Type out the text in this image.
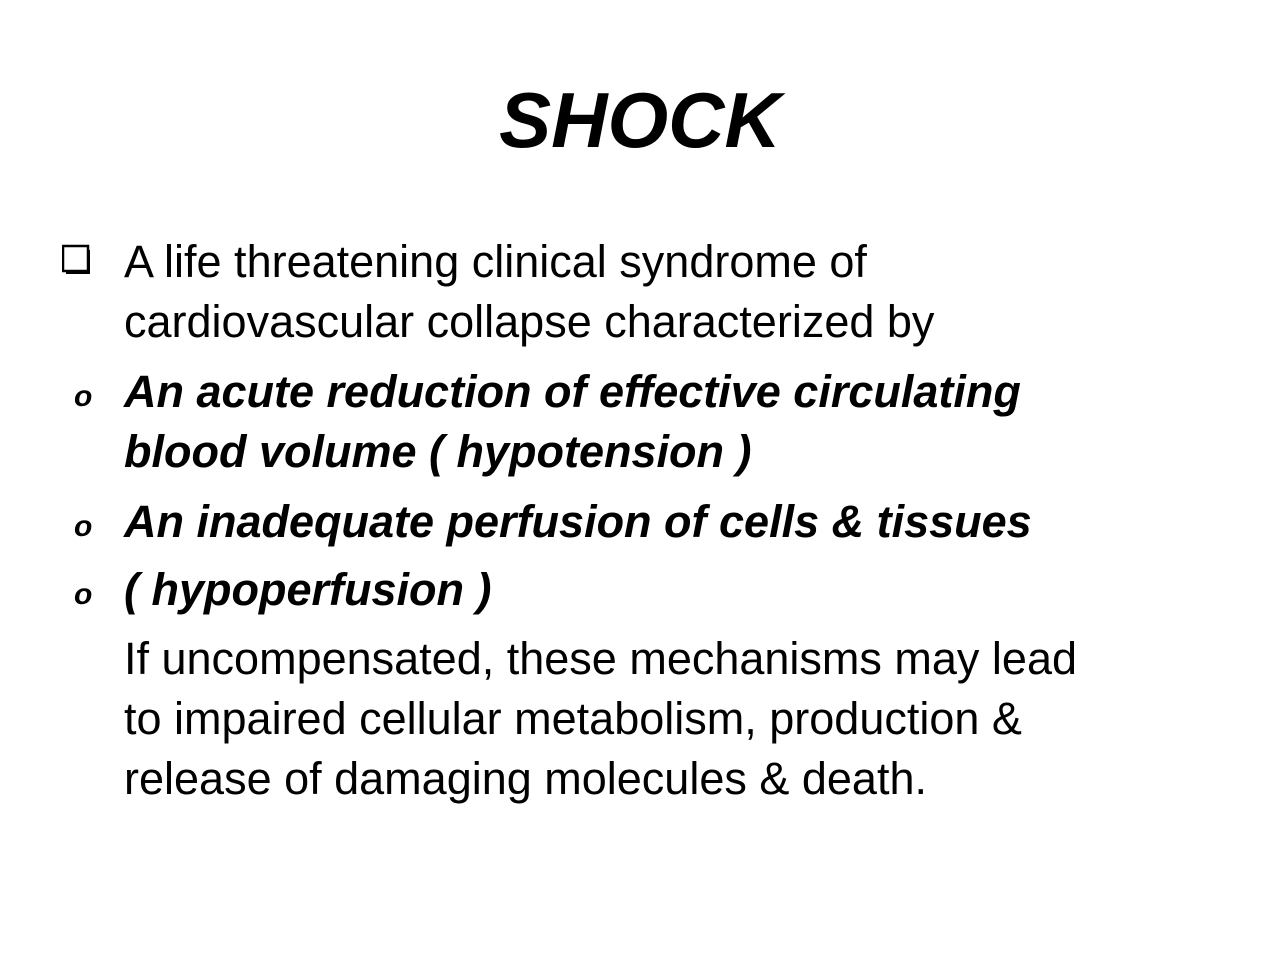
SHOCK
A life threatening clinical syndrome of
cardiovascular collapse characterized by
o An acute reduction of effective circulating
blood volume ( hypotension )
o An inadequate perfusion of cells & tissues
o ( hypoperfusion )
If uncompensated, these mechanisms may lead
to impaired cellular metabolism, production &
release of damaging molecules & death.
